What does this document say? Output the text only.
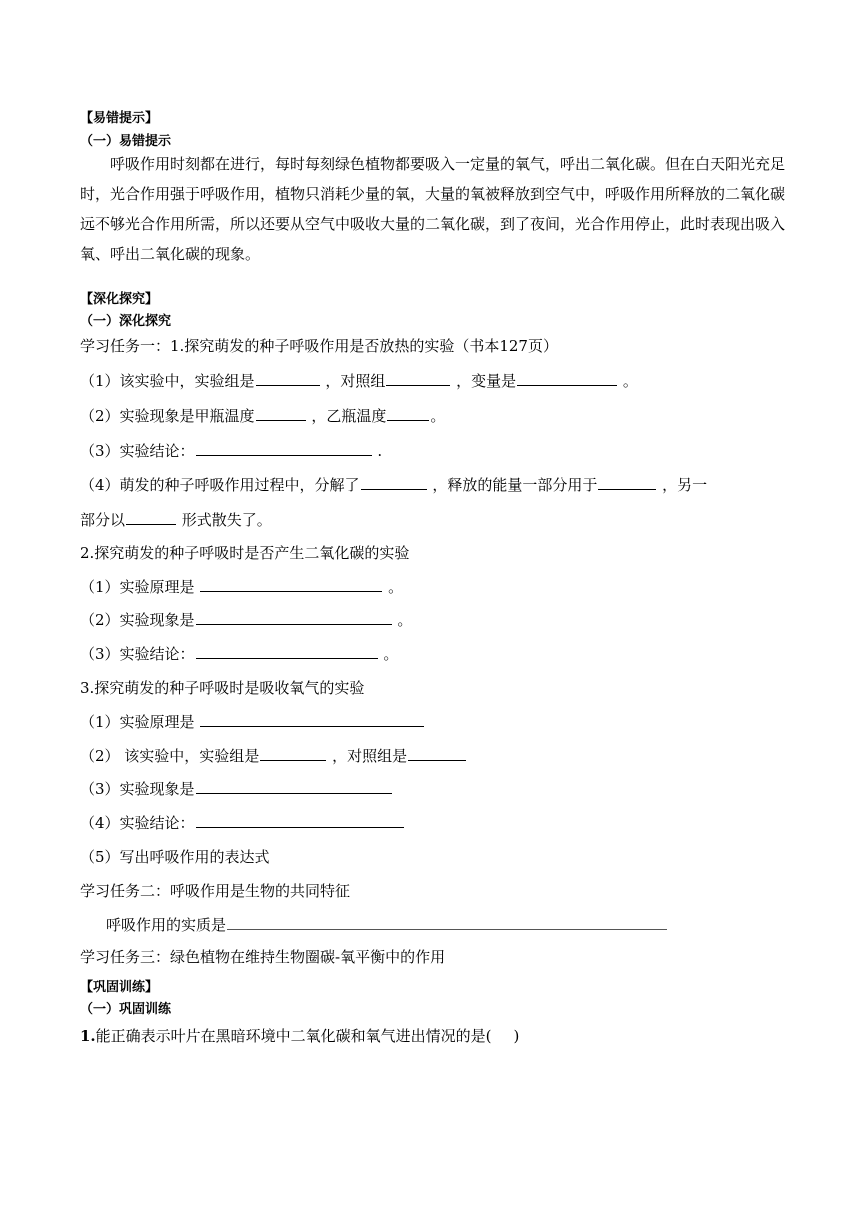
【易错提示】
（一）易错提示

呼吸作用时刻都在进行，每时每刻绿色植物都要吸入一定量的氧气，呼出二氧化碳。但在白天阳光充足时，光合作用强于呼吸作用，植物只消耗少量的氧，大量的氧被释放到空气中，呼吸作用所释放的二氧化碳远不够光合作用所需，所以还要从空气中吸收大量的二氧化碳，到了夜间，光合作用停止，此时表现出吸入氧、呼出二氧化碳的现象。

【深化探究】
（一）深化探究
学习任务一：1.探究萌发的种子呼吸作用是否放热的实验（书本127页）
（1）该实验中，实验组是	，对照组	，变量是	。
（2）实验现象是甲瓶温度	，乙瓶温度	。
（3）实验结论：	.
（4）萌发的种子呼吸作用过程中，分解了	，释放的能量一部分用于	，另一
部分以	形式散失了。
2.探究萌发的种子呼吸时是否产生二氧化碳的实验
（1）实验原理是	。
（2）实验现象是	。
（3）实验结论：	。
3.探究萌发的种子呼吸时是吸收氧气的实验
（1）实验原理是
（2） 该实验中，实验组是	，对照组是
（3）实验现象是
（4）实验结论：
（5）写出呼吸作用的表达式
学习任务二：呼吸作用是生物的共同特征
呼吸作用的实质是
学习任务三：绿色植物在维持生物圈碳-氧平衡中的作用
【巩固训练】
（一）巩固训练
1.能正确表示叶片在黑暗环境中二氧化碳和氧气进出情况的是( )
